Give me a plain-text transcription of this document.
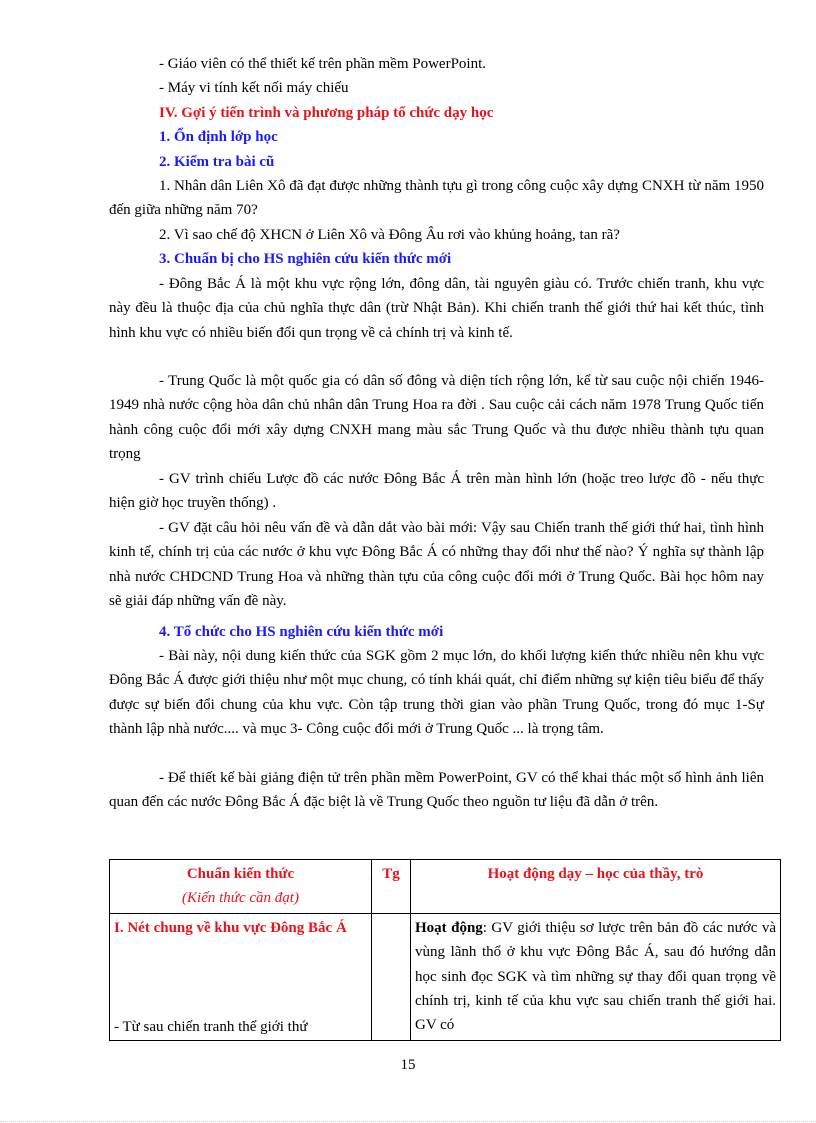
- Giáo viên có thể thiết kế trên phần mềm PowerPoint.
- Máy vi tính kết nối máy chiếu
IV. Gợi ý tiến trình và phương pháp tổ chức dạy học
1. Ổn định lớp học
2. Kiểm tra bài cũ

1. Nhân dân Liên Xô đã đạt được những thành tựu gì trong công cuộc xây dựng CNXH từ năm 1950 đến giữa những năm 70?

2. Vì sao chế độ XHCN ở Liên Xô và Đông Âu rơi vào khủng hoảng, tan rã?

3. Chuẩn bị cho HS nghiên cứu kiến thức mới

- Đông Bắc Á là một khu vực rộng lớn, đông dân, tài nguyên giàu có. Trước chiến tranh, khu vực này đều là thuộc địa của chủ nghĩa thực dân (trừ Nhật Bản). Khi chiến tranh thế giới thứ hai kết thúc, tình hình khu vực có nhiều biến đổi qun trọng về cả chính trị và kinh tế.

- Trung Quốc là một quốc gia có dân số đông và diện tích rộng lớn, kể từ sau cuộc nội chiến 1946-1949 nhà nước cộng hòa dân chủ nhân dân Trung Hoa ra đời . Sau cuộc cải cách năm 1978 Trung Quốc tiến hành công cuộc đổi mới xây dựng CNXH mang màu sắc Trung Quốc và thu được nhiều thành tựu quan trọng

- GV trình chiếu Lược đồ các nước Đông Bắc Á trên màn hình lớn (hoặc treo lược đồ - nếu thực hiện giờ học truyền thống) .

- GV đặt câu hỏi nêu vấn đề và dẫn dắt vào bài mới: Vậy sau Chiến tranh thế giới thứ hai, tình hình kinh tế, chính trị của các nước ở khu vực Đông Bắc Á có những thay đổi như thế nào? Ý nghĩa sự thành lập nhà nước CHDCND Trung Hoa và những thàn tựu của công cuộc đổi mới ở Trung Quốc. Bài học hôm nay sẽ giải đáp những vấn đề này.

4. Tổ chức cho HS nghiên cứu kiến thức mới

- Bài này, nội dung kiến thức của SGK gồm 2 mục lớn, do khối lượng kiến thức nhiều nên khu vực Đông Bắc Á được giới thiệu như một mục chung, có tính khái quát, chỉ điểm những sự kiện tiêu biểu để thấy được sự biến đổi chung của khu vực. Còn tập trung thời gian vào phần Trung Quốc, trong đó mục 1-Sự thành lập nhà nước.... và mục 3- Công cuộc đổi mới ở Trung Quốc ... là trọng tâm.

- Để thiết kế bài giảng điện tử trên phần mềm PowerPoint, GV có thể khai thác một số hình ảnh liên quan đến các nước Đông Bắc Á đặc biệt là về Trung Quốc theo nguồn tư liệu đã dẫn ở trên.

Chuẩn kiến thức
(Kiến thức cần đạt)	Tg	Hoạt động dạy – học của thầy, trò

I. Nét chung về khu vực Đông Bắc Á
- Từ sau chiến tranh thế giới thứ		Hoạt động: GV giới thiệu sơ lược trên bản đồ các nước và vùng lãnh thổ ở khu vực Đông Bắc Á, sau đó hướng dẫn học sinh đọc SGK và tìm những sự thay đổi quan trọng về chính trị, kinh tế của khu vực sau chiến tranh thế giới hai. GV có
15
